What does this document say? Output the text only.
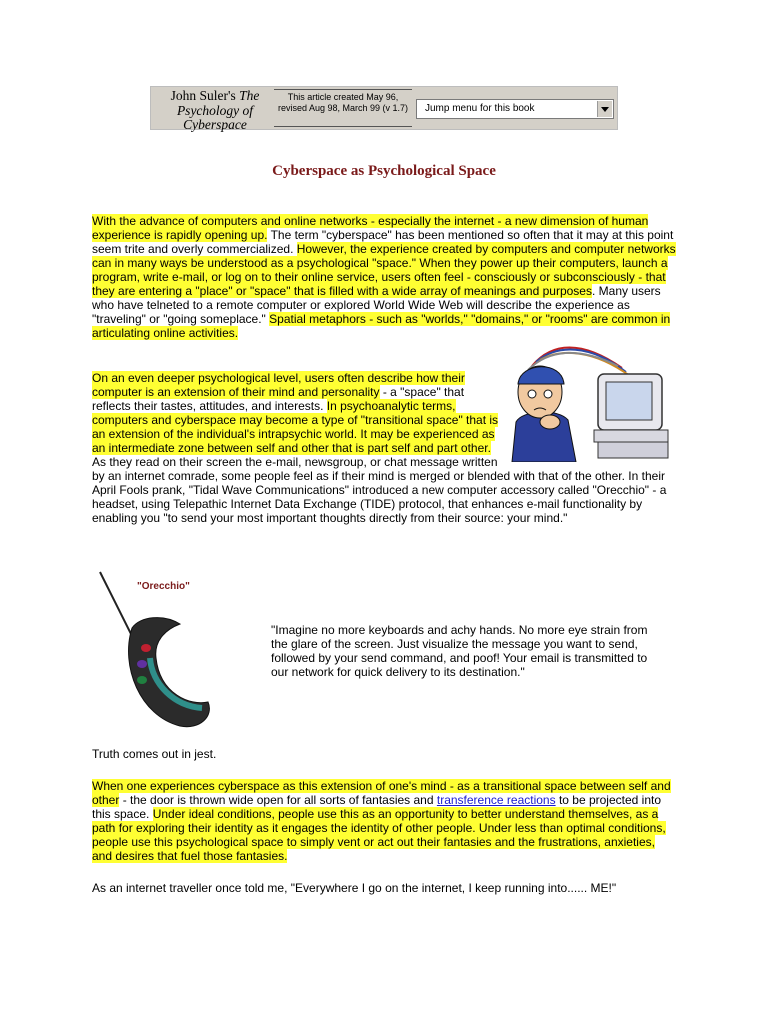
John Suler's The
Psychology of
Cyberspace
This article created May 96, revised Aug 98, March 99 (v 1.7)	Jump menu for this book
Cyberspace as Psychological Space

With the advance of computers and online networks - especially the internet - a new dimension of human experience is rapidly opening up. The term "cyberspace" has been mentioned so often that it may at this point seem trite and overly commercialized. However, the experience created by computers and computer networks can in many ways be understood as a psychological "space." When they power up their computers, launch a program, write e-mail, or log on to their online service, users often feel - consciously or subconsciously - that they are entering a "place" or "space" that is filled with a wide array of meanings and purposes. Many users who have telneted to a remote computer or explored World Wide Web will describe the experience as "traveling" or "going someplace." Spatial metaphors - such as "worlds," "domains," or "rooms" are common in articulating online activities.

On an even deeper psychological level, users often describe how their computer is an extension of their mind and personality - a "space" that reflects their tastes, attitudes, and interests. In psychoanalytic terms, computers and cyberspace may become a type of "transitional space" that is an extension of the individual's intrapsychic world. It may be experienced as an intermediate zone between self and other that is part self and part other. As they read on their screen the e-mail, newsgroup, or chat message written by an internet comrade, some people feel as if their mind is merged or blended with that of the other. In their April Fools prank, "Tidal Wave Communications" introduced a new computer accessory called "Orecchio" - a headset, using Telepathic Internet Data Exchange (TIDE) protocol, that enhances e-mail functionality by enabling you "to send your most important thoughts directly from their source: your mind."

"Orecchio"

"Imagine no more keyboards and achy hands. No more eye strain from the glare of the screen. Just visualize the message you want to send, followed by your send command, and poof! Your email is transmitted to our network for quick delivery to its destination."

Truth comes out in jest.

When one experiences cyberspace as this extension of one's mind - as a transitional space between self and other - the door is thrown wide open for all sorts of fantasies and transference reactions to be projected into this space. Under ideal conditions, people use this as an opportunity to better understand themselves, as a path for exploring their identity as it engages the identity of other people. Under less than optimal conditions, people use this psychological space to simply vent or act out their fantasies and the frustrations, anxieties, and desires that fuel those fantasies.

As an internet traveller once told me, "Everywhere I go on the internet, I keep running into...... ME!"
